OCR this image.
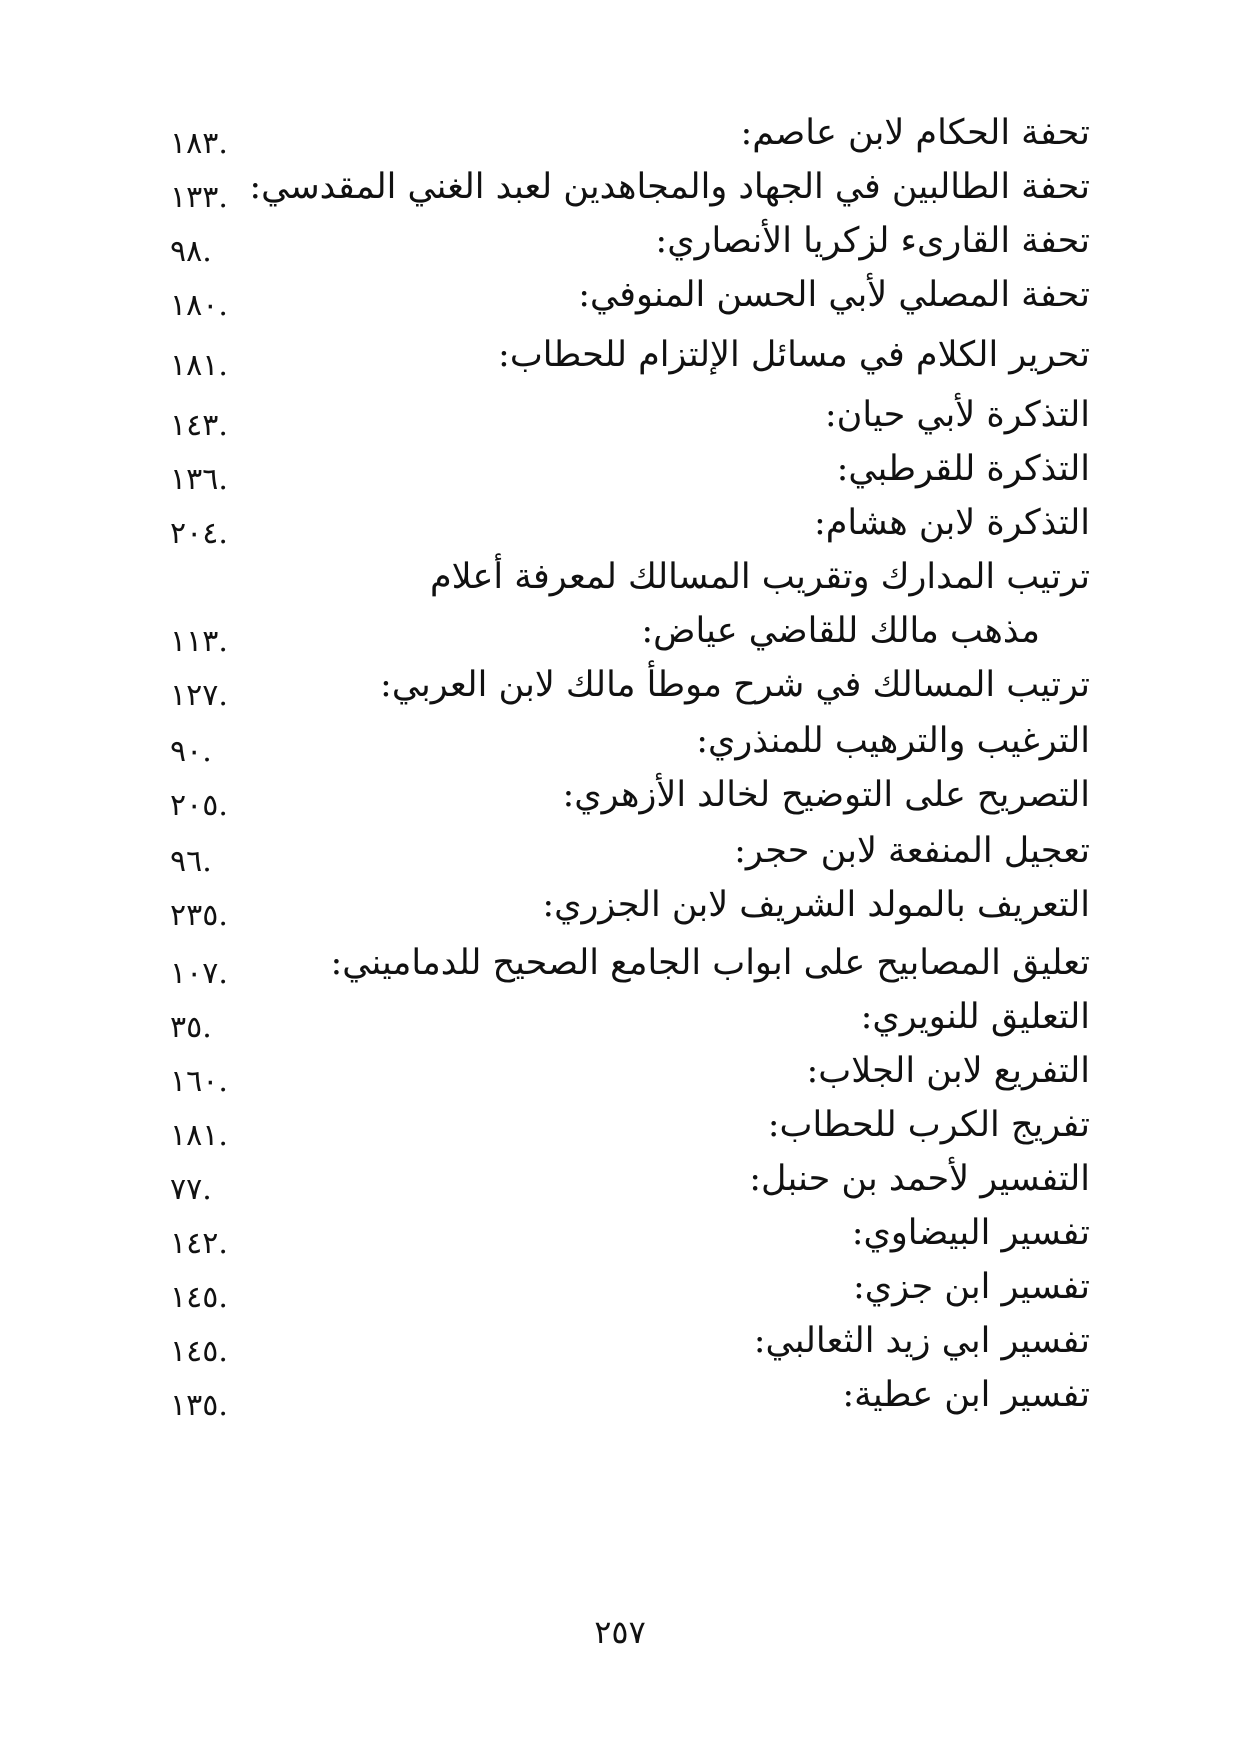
تحفة الحكام لابن عاصم:
.١٨٣
تحفة الطالبين في الجهاد والمجاهدين لعبد الغني المقدسي:
.١٣٣
تحفة القارىء لزكريا الأنصاري:
.٩٨
تحفة المصلي لأبي الحسن المنوفي:
.١٨٠
تحرير الكلام في مسائل الإلتزام للحطاب:
.١٨١
التذكرة لأبي حيان:
.١٤٣
التذكرة للقرطبي:
.١٣٦
التذكرة لابن هشام:
.٢٠٤
ترتيب المدارك وتقريب المسالك لمعرفة أعلام
مذهب مالك للقاضي عياض:
.١١٣
ترتيب المسالك في شرح موطأ مالك لابن العربي:
.١٢٧
الترغيب والترهيب للمنذري:
.٩٠
التصريح على التوضيح لخالد الأزهري:
.٢٠٥
تعجيل المنفعة لابن حجر:
.٩٦
التعريف بالمولد الشريف لابن الجزري:
.٢٣٥
تعليق المصابيح على ابواب الجامع الصحيح للدماميني:
.١٠٧
التعليق للنويري:
.٣٥
التفريع لابن الجلاب:
.١٦٠
تفريج الكرب للحطاب:
.١٨١
التفسير لأحمد بن حنبل:
.٧٧
تفسير البيضاوي:
.١٤٢
تفسير ابن جزي:
.١٤٥
تفسير ابي زيد الثعالبي:
.١٤٥
تفسير ابن عطية:
.١٣٥
٢٥٧
